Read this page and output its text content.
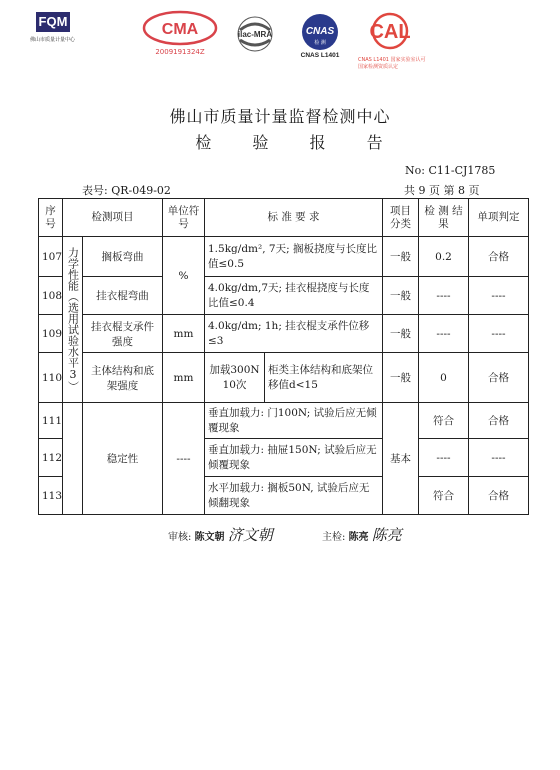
FQM
佛山市质量计量中心
CMA
2009191324Z
ilac-MRA	CNAS
检 测
CNAS L1401
CAL
CNAS L1401 国家实验室认可
国家检测资质认定
佛山市质量计量监督检测中心
检 验 报 告
No: C11-CJ1785
表号: QR-049-02	共 9 页 第 8 页
序号	检测项目		单位符号	标 准 要 求		项目分类	检 测 结 果	单项判定
107	力学性能（选用试验水平3）	搁板弯曲	%	1.5kg/dm², 7天; 搁板挠度与长度比值≤0.5		一般	0.2	合格
108		挂衣棍弯曲		4.0kg/dm,7天; 挂衣棍挠度与长度比值≤0.4		一般	----	----
109		挂衣棍支承件强度	mm	4.0kg/dm; 1h; 挂衣棍支承件位移≤3		一般	----	----
110		主体结构和底架强度	mm	加载300N 10次	柜类主体结构和底架位移值d<15	一般	0	合格
111		稳定性	----	垂直加载力: 门100N; 试验后应无倾覆现象		基本	符合	合格
112				垂直加载力: 抽屉150N; 试验后应无倾覆现象			----	----
113				水平加载力: 搁板50N, 试验后应无倾翻现象			符合	合格
审核: 陈文朝 济文朝	主检: 陈亮 陈亮
